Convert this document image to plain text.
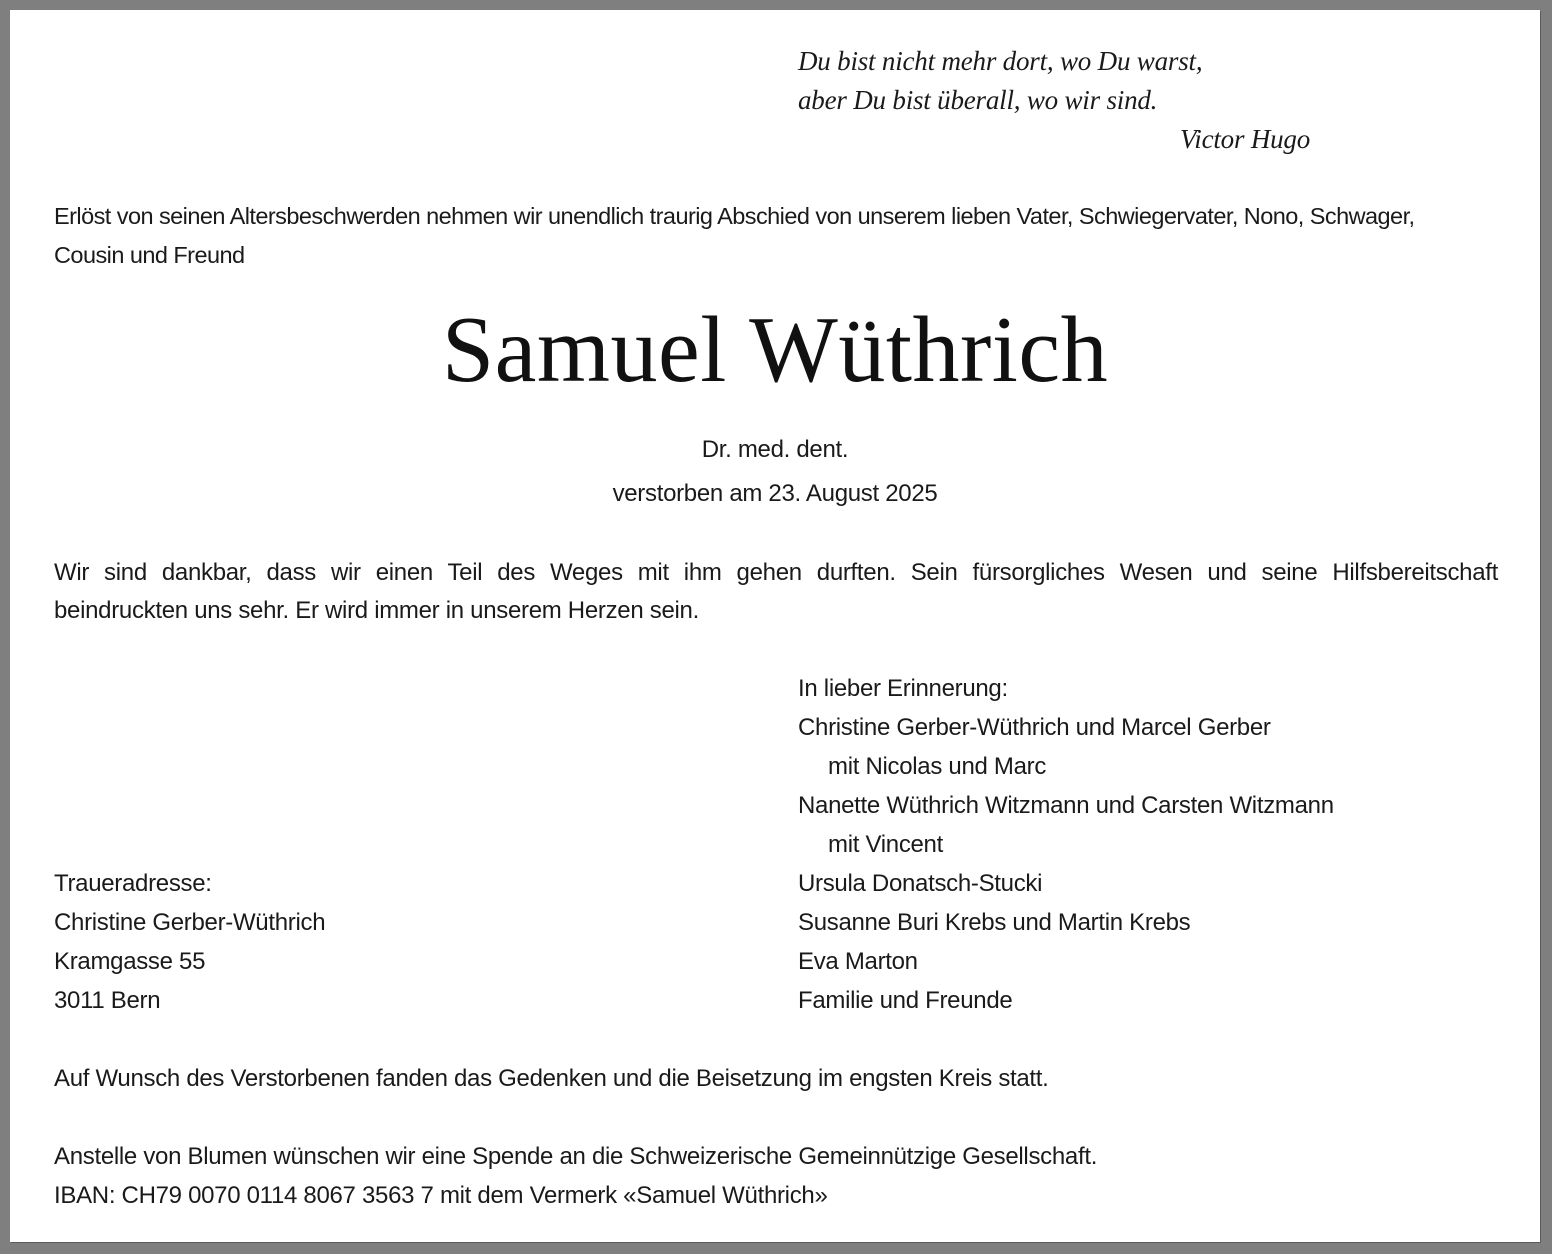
Du bist nicht mehr dort, wo Du warst,
aber Du bist überall, wo wir sind.
Victor Hugo
Erlöst von seinen Altersbeschwerden nehmen wir unendlich traurig Abschied von unserem lieben Vater, Schwiegervater, Nono, Schwager,
Cousin und Freund
Samuel Wüthrich
Dr. med. dent.
verstorben am 23. August 2025
Wir sind dankbar, dass wir einen Teil des Weges mit ihm gehen durften. Sein fürsorgliches Wesen und seine Hilfsbereitschaft
beindruckten uns sehr. Er wird immer in unserem Herzen sein.
In lieber Erinnerung:
Christine Gerber-Wüthrich und Marcel Gerber
mit Nicolas und Marc
Nanette Wüthrich Witzmann und Carsten Witzmann
mit Vincent
Ursula Donatsch-Stucki
Susanne Buri Krebs und Martin Krebs
Eva Marton
Familie und Freunde
Traueradresse:
Christine Gerber-Wüthrich
Kramgasse 55
3011 Bern
Auf Wunsch des Verstorbenen fanden das Gedenken und die Beisetzung im engsten Kreis statt.
Anstelle von Blumen wünschen wir eine Spende an die Schweizerische Gemeinnützige Gesellschaft.
IBAN: CH79 0070 0114 8067 3563 7 mit dem Vermerk «Samuel Wüthrich»
